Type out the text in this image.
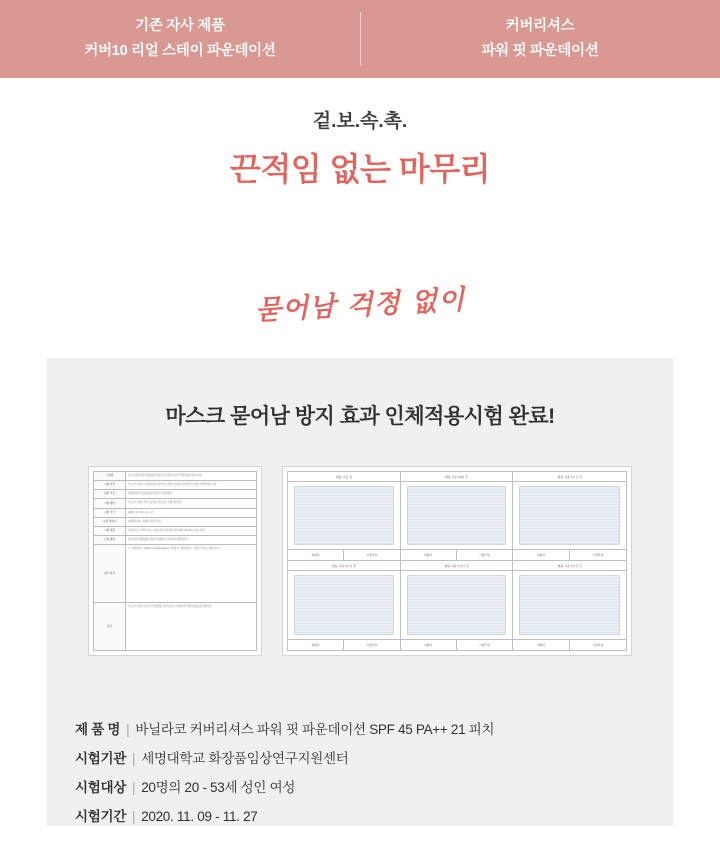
기존 자사 제품
커버10 리얼 스테이 파운데이션
커버리셔스
파워 핏 파운데이션
겉.보.속.촉.
끈적임 없는 마무리
묻어남 걱정 없이
마스크 묻어남 방지 효과 인체적용시험 완료!
시험명	마스크에 의한 화장품의 묻어남 개선 효과 인체적용시험 (1차)

시험 목적	마스크 착용 시 화장품의 묻어남 개선 효과를 평가하기 위한 인체적용시험

피험 기관	세명대학교 화장품임상연구지원센터

시험 방법	마스크 착용 전후 묻어남 정도를 측정 및 평가

시험 기간	2020. 11. 09 - 11. 27

시험 대상자	20명의 20 - 53세 성인 여성

시험 제품	바닐라코 커버리셔스 파워 핏 파운데이션 SPF 45 PA++ 21 피치

사용 방법	1일 1회 적정량을 얼굴 전체에 고르게 펴 발라준다

평가 항목	1. 측정평가 : Mask Contamination 측정, 2. 설문평가 : 사용 만족도 설문조사

결과	마스크 착용 4시간 후 화장품 묻어남이 유의하게 개선되었음을 확인함
제품 사용 전
피험자	시험부위
제품 사용 30분 후
피험자	시험부위
제품 사용 2시간 후
피험자	시험부위
제품 사용 4시간 후
피험자	시험부위
제품 사용 6시간 후
피험자	시험부위
제품 사용 8시간 후
피험자	시험부위
제 품 명 | 바닐라코 커버리셔스 파워 핏 파운데이션 SPF 45 PA++ 21 피치
시험기관 | 세명대학교 화장품임상연구지원센터
시험대상 | 20명의 20 - 53세 성인 여성
시험기간 | 2020. 11. 09 - 11. 27
